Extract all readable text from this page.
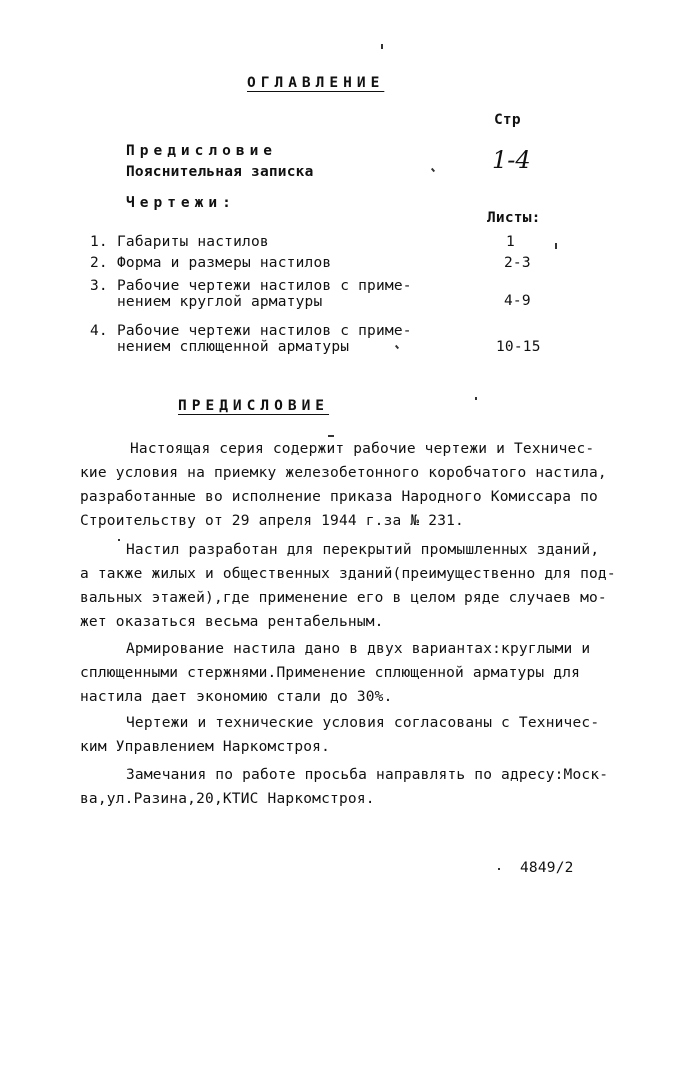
ОГЛАВЛЕНИЕ
Стр
Предисловие
Пояснительная записка	1-4
Чертежи:
Листы:
1. Габариты настилов	1
2. Форма и размеры настилов	2-3
3. Рабочие чертежи настилов с приме-
нением круглой арматуры	4-9
4. Рабочие чертежи настилов с приме-
нением сплющенной арматуры	10-15
ПРЕДИСЛОВИЕ
Настоящая серия содержит рабочие чертежи и Техничес-
кие условия на приемку железобетонного коробчатого настила,
разработанные во исполнение приказа Народного Комиссара по
Строительству от 29 апреля 1944 г.за № 231.
Настил разработан для перекрытий промышленных зданий,
а также жилых и общественных зданий(преимущественно для под-
вальных этажей),где применение его в целом ряде случаев мо-
жет оказаться весьма рентабельным.
Армирование настила дано в двух вариантах:круглыми и
сплющенными стержнями.Применение сплющенной арматуры для
настила дает экономию стали до 30%.
Чертежи и технические условия согласованы с Техничес-
ким Управлением Наркомстроя.
Замечания по работе просьба направлять по адресу:Моск-
ва,ул.Разина,20,КТИС Наркомстроя.
4849/2
